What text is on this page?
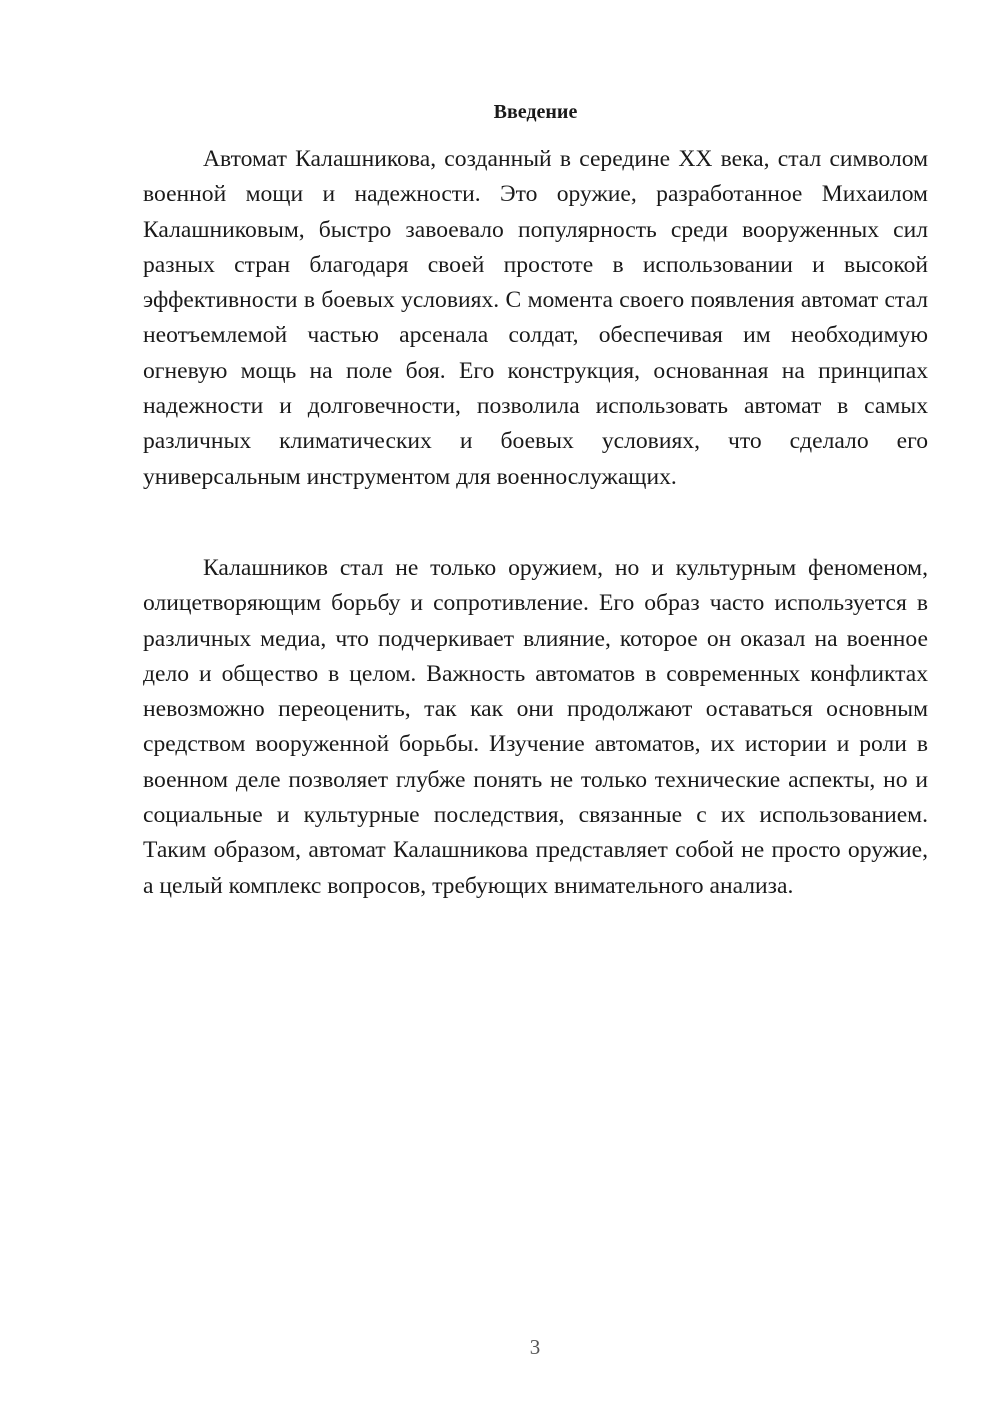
Введение

Автомат Калашникова, созданный в середине XX века, стал символом военной мощи и надежности. Это оружие, разработанное Михаилом Калашниковым, быстро завоевало популярность среди вооруженных сил разных стран благодаря своей простоте в использовании и высокой эффективности в боевых условиях. С момента своего появления автомат стал неотъемлемой частью арсенала солдат, обеспечивая им необходимую огневую мощь на поле боя. Его конструкция, основанная на принципах надежности и долговечности, позволила использовать автомат в самых различных климатических и боевых условиях, что сделало его универсальным инструментом для военнослужащих.

Калашников стал не только оружием, но и культурным феноменом, олицетворяющим борьбу и сопротивление. Его образ часто используется в различных медиа, что подчеркивает влияние, которое он оказал на военное дело и общество в целом. Важность автоматов в современных конфликтах невозможно переоценить, так как они продолжают оставаться основным средством вооруженной борьбы. Изучение автоматов, их истории и роли в военном деле позволяет глубже понять не только технические аспекты, но и социальные и культурные последствия, связанные с их использованием. Таким образом, автомат Калашникова представляет собой не просто оружие, а целый комплекс вопросов, требующих внимательного анализа.

3
